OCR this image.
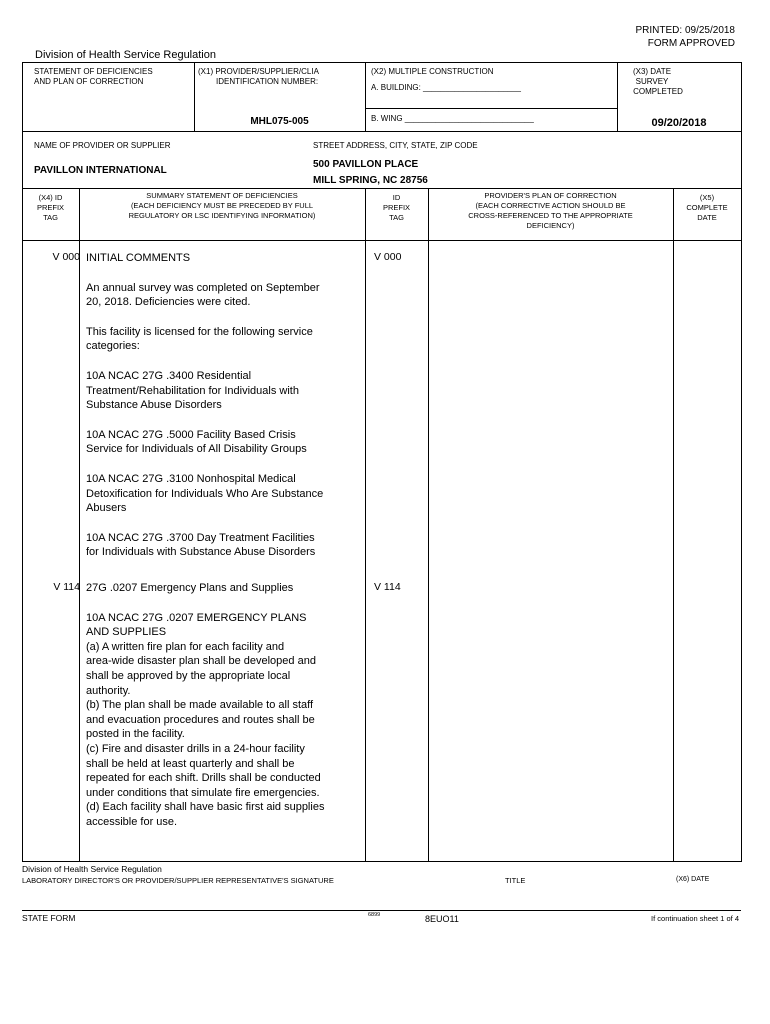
PRINTED: 09/25/2018
FORM APPROVED
Division of Health Service Regulation
STATEMENT OF DEFICIENCIES
AND PLAN OF CORRECTION
(X1) PROVIDER/SUPPLIER/CLIA
IDENTIFICATION NUMBER:
MHL075-005
(X2) MULTIPLE CONSTRUCTION
A. BUILDING: ______________________
B. WING _____________________________
(X3) DATE SURVEY
COMPLETED
09/20/2018
NAME OF PROVIDER OR SUPPLIER
PAVILLON INTERNATIONAL
STREET ADDRESS, CITY, STATE, ZIP CODE
500 PAVILLON PLACE
MILL SPRING, NC 28756
(X4) ID
PREFIX
TAG
SUMMARY STATEMENT OF DEFICIENCIES
(EACH DEFICIENCY MUST BE PRECEDED BY FULL
REGULATORY OR LSC IDENTIFYING INFORMATION)
ID
PREFIX
TAG
PROVIDER'S PLAN OF CORRECTION
(EACH CORRECTIVE ACTION SHOULD BE
CROSS-REFERENCED TO THE APPROPRIATE
DEFICIENCY)
(X5)
COMPLETE
DATE
V 000	V 000
INITIAL COMMENTS
An annual survey was completed on September
20, 2018. Deficiencies were cited.
This facility is licensed for the following service
categories:
10A NCAC 27G .3400 Residential
Treatment/Rehabilitation for Individuals with
Substance Abuse Disorders
10A NCAC 27G .5000 Facility Based Crisis
Service for Individuals of All Disability Groups
10A NCAC 27G .3100 Nonhospital Medical
Detoxification for Individuals Who Are Substance
Abusers
10A NCAC 27G .3700 Day Treatment Facilities
for Individuals with Substance Abuse Disorders
V 114	V 114
27G .0207 Emergency Plans and Supplies
10A NCAC 27G .0207 EMERGENCY PLANS
AND SUPPLIES
(a) A written fire plan for each facility and
area-wide disaster plan shall be developed and
shall be approved by the appropriate local
authority.
(b) The plan shall be made available to all staff
and evacuation procedures and routes shall be
posted in the facility.
(c) Fire and disaster drills in a 24-hour facility
shall be held at least quarterly and shall be
repeated for each shift. Drills shall be conducted
under conditions that simulate fire emergencies.
(d) Each facility shall have basic first aid supplies
accessible for use.
Division of Health Service Regulation
LABORATORY DIRECTOR'S OR PROVIDER/SUPPLIER REPRESENTATIVE'S SIGNATURE	TITLE	(X6) DATE
STATE FORM	6899	8EUO11	If continuation sheet 1 of 4
